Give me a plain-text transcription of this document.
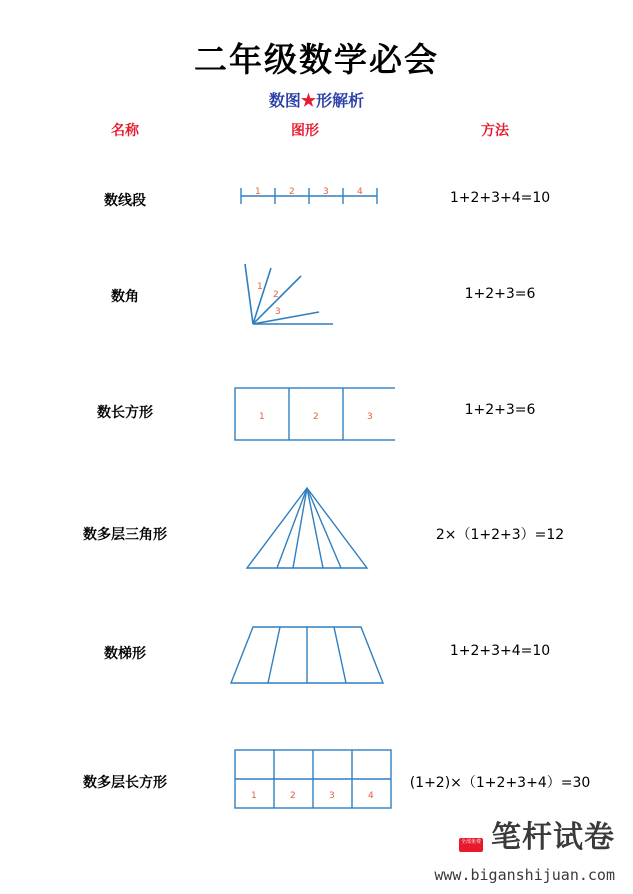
二年级数学必会
数图★形解析
名称	图形	方法
数线段	1+2+3+4=10
1	2	3	4
数角	1+2+3=6
1
2
3
数长方形	1+2+3=6
1	2	3
数多层三角形	2×（1+2+3）=12
数梯形	1+2+3+4=10
数多层长方形	(1+2)×（1+2+3+4）=30
1	2	3	4
全部免费 笔杆试卷
www.biganshijuan.com
